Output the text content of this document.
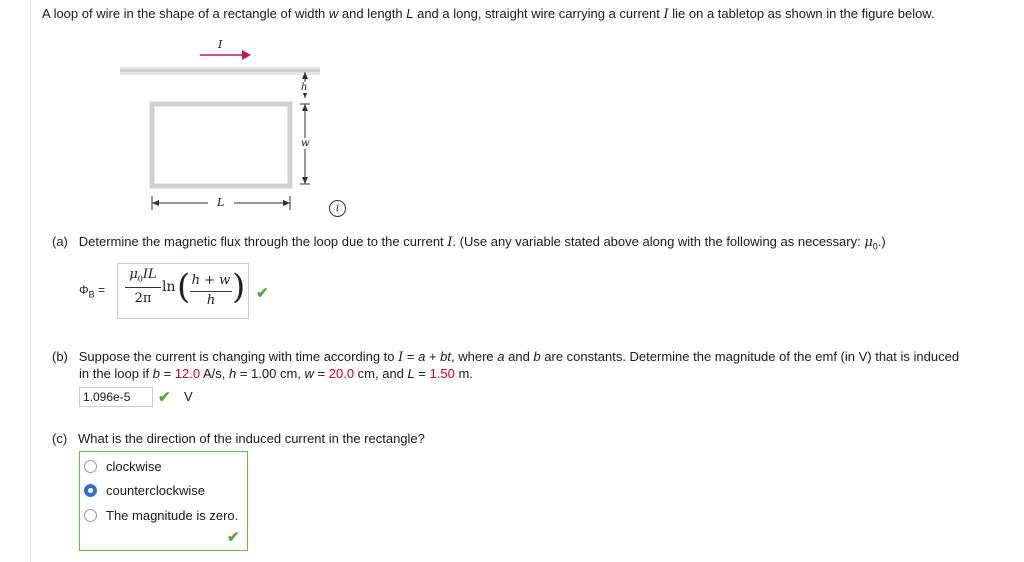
A loop of wire in the shape of a rectangle of width w and length L and a long, straight wire carrying a current I lie on a tabletop as shown in the figure below.
I
h
w
L	i
(a) Determine the magnetic flux through the loop due to the current I. (Use any variable stated above along with the following as necessary: $\mu_0$.)
$\Phi_B$ =
$\mu_0IL$
2π
ln ( h + w
h ) ✔
(b) Suppose the current is changing with time according to I = a + bt, where a and b are constants. Determine the magnitude of the emf (in V) that is induced
in the loop if b = 12.0 A/s, h = 1.00 cm, w = 20.0 cm, and L = 1.50 m.
1.096e-5 ✔ V
(c) What is the direction of the induced current in the rectangle?
clockwise
counterclockwise
The magnitude is zero.
✔
